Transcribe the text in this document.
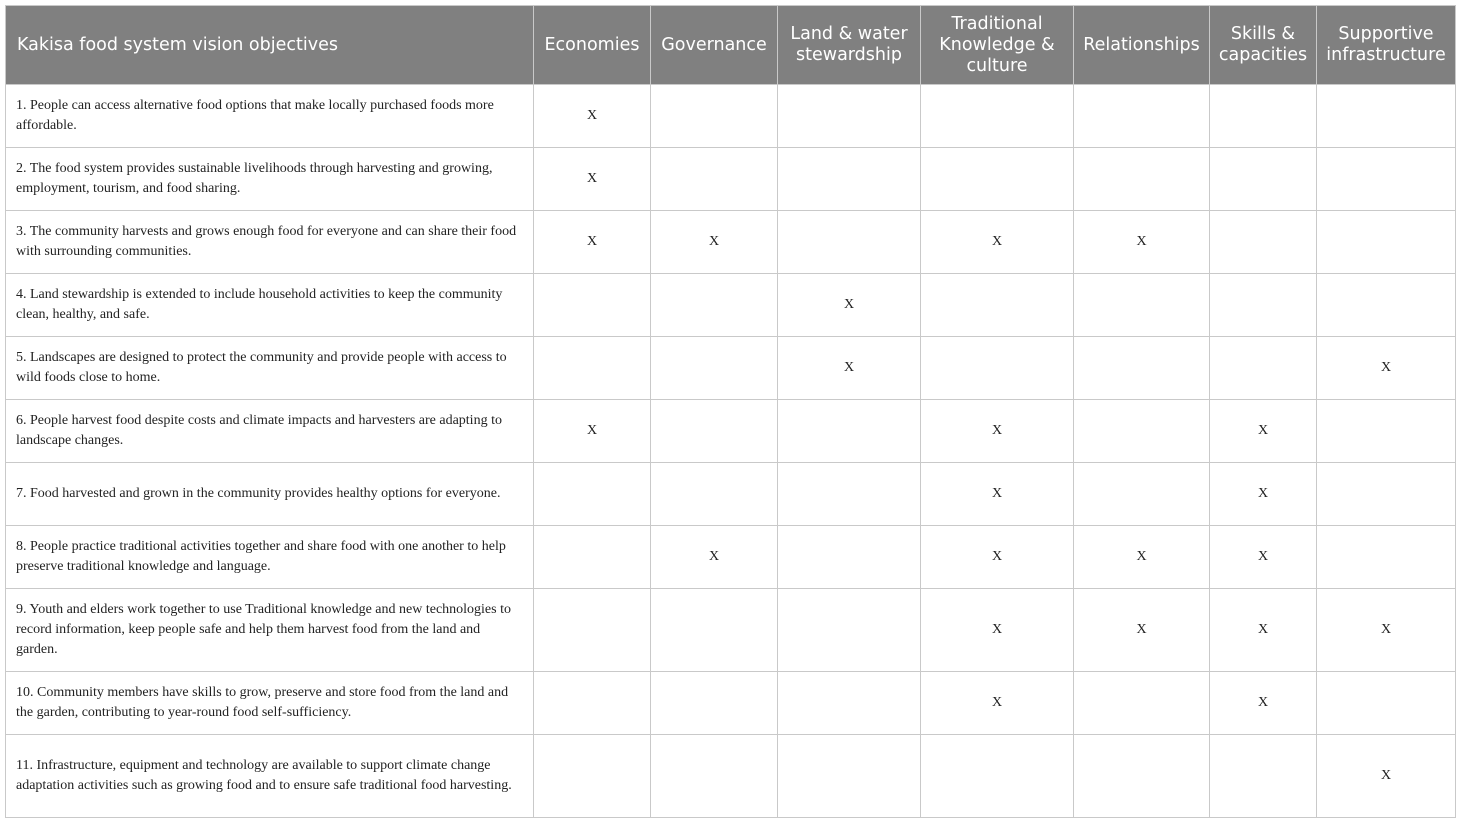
Kakisa food system vision objectives	Economies	Governance	Land & water stewardship	Traditional Knowledge & culture	Relationships	Skills & capacities	Supportive infrastructure
1. People can access alternative food options that make locally purchased foods more affordable.	X						
2. The food system provides sustainable livelihoods through harvesting and growing, employment, tourism, and food sharing.	X						
3. The community harvests and grows enough food for everyone and can share their food with surrounding communities.	X	X		X	X		
4. Land stewardship is extended to include household activities to keep the community clean, healthy, and safe.			X				
5. Landscapes are designed to protect the community and provide people with access to wild foods close to home.			X				X
6. People harvest food despite costs and climate impacts and harvesters are adapting to landscape changes.	X			X		X	
7. Food harvested and grown in the community provides healthy options for everyone.				X		X	
8. People practice traditional activities together and share food with one another to help preserve traditional knowledge and language.		X		X	X	X	
9. Youth and elders work together to use Traditional knowledge and new technologies to record information, keep people safe and help them harvest food from the land and garden.				X	X	X	X
10. Community members have skills to grow, preserve and store food from the land and the garden, contributing to year-round food self-sufficiency.				X		X	
11. Infrastructure, equipment and technology are available to support climate change adaptation activities such as growing food and to ensure safe traditional food harvesting.							X
